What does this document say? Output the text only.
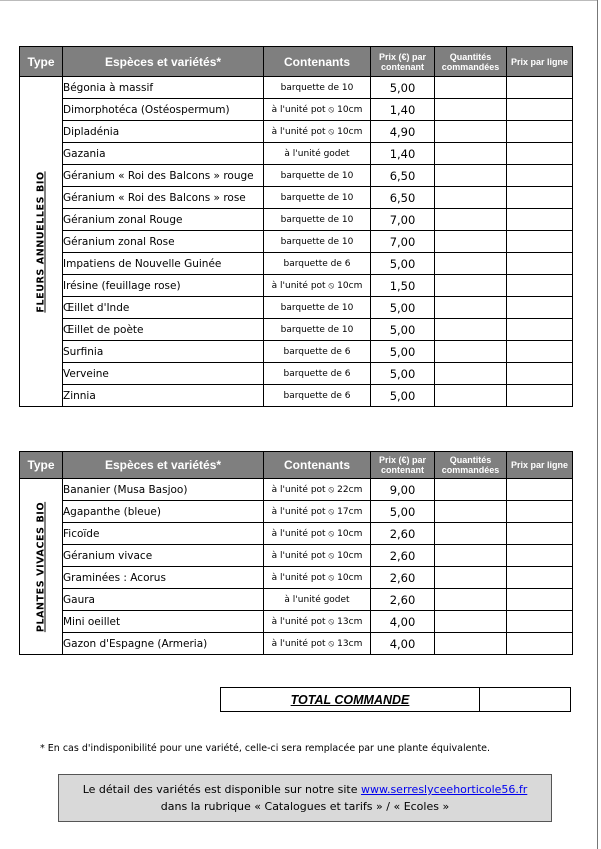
Type	Espèces et variétés*	Contenants	Prix (€) par contenant	Quantités commandées	Prix par ligne

FLEURS ANNUELLES BIO	Bégonia à massif	barquette de 10	5,00		
	Dimorphotéca (Ostéospermum)	à l'unité pot ⦸ 10cm	1,40		
	Dipladénia	à l'unité pot ⦸ 10cm	4,90		
	Gazania	à l'unité godet	1,40		
	Géranium « Roi des Balcons » rouge	barquette de 10	6,50		
	Géranium « Roi des Balcons » rose	barquette de 10	6,50		
	Géranium zonal Rouge	barquette de 10	7,00		
	Géranium zonal Rose	barquette de 10	7,00		
	Impatiens de Nouvelle Guinée	barquette de 6	5,00		
	Irésine (feuillage rose)	à l'unité pot ⦸ 10cm	1,50		
	Œillet d'Inde	barquette de 10	5,00		
	Œillet de poète	barquette de 10	5,00		
	Surfinia	barquette de 6	5,00		
	Verveine	barquette de 6	5,00		
	Zinnia	barquette de 6	5,00		
Type	Espèces et variétés*	Contenants	Prix (€) par contenant	Quantités commandées	Prix par ligne

PLANTES VIVACES BIO	Bananier (Musa Basjoo)	à l'unité pot ⦸ 22cm	9,00		
	Agapanthe (bleue)	à l'unité pot ⦸ 17cm	5,00		
	Ficoïde	à l'unité pot ⦸ 10cm	2,60		
	Géranium vivace	à l'unité pot ⦸ 10cm	2,60		
	Graminées : Acorus	à l'unité pot ⦸ 10cm	2,60		
	Gaura	à l'unité godet	2,60		
	Mini oeillet	à l'unité pot ⦸ 13cm	4,00		
	Gazon d'Espagne (Armeria)	à l'unité pot ⦸ 13cm	4,00		
TOTAL COMMANDE
* En cas d'indisponibilité pour une variété, celle-ci sera remplacée par une plante équivalente.
Le détail des variétés est disponible sur notre site www.serreslyceehorticole56.fr
dans la rubrique « Catalogues et tarifs » / « Ecoles »
